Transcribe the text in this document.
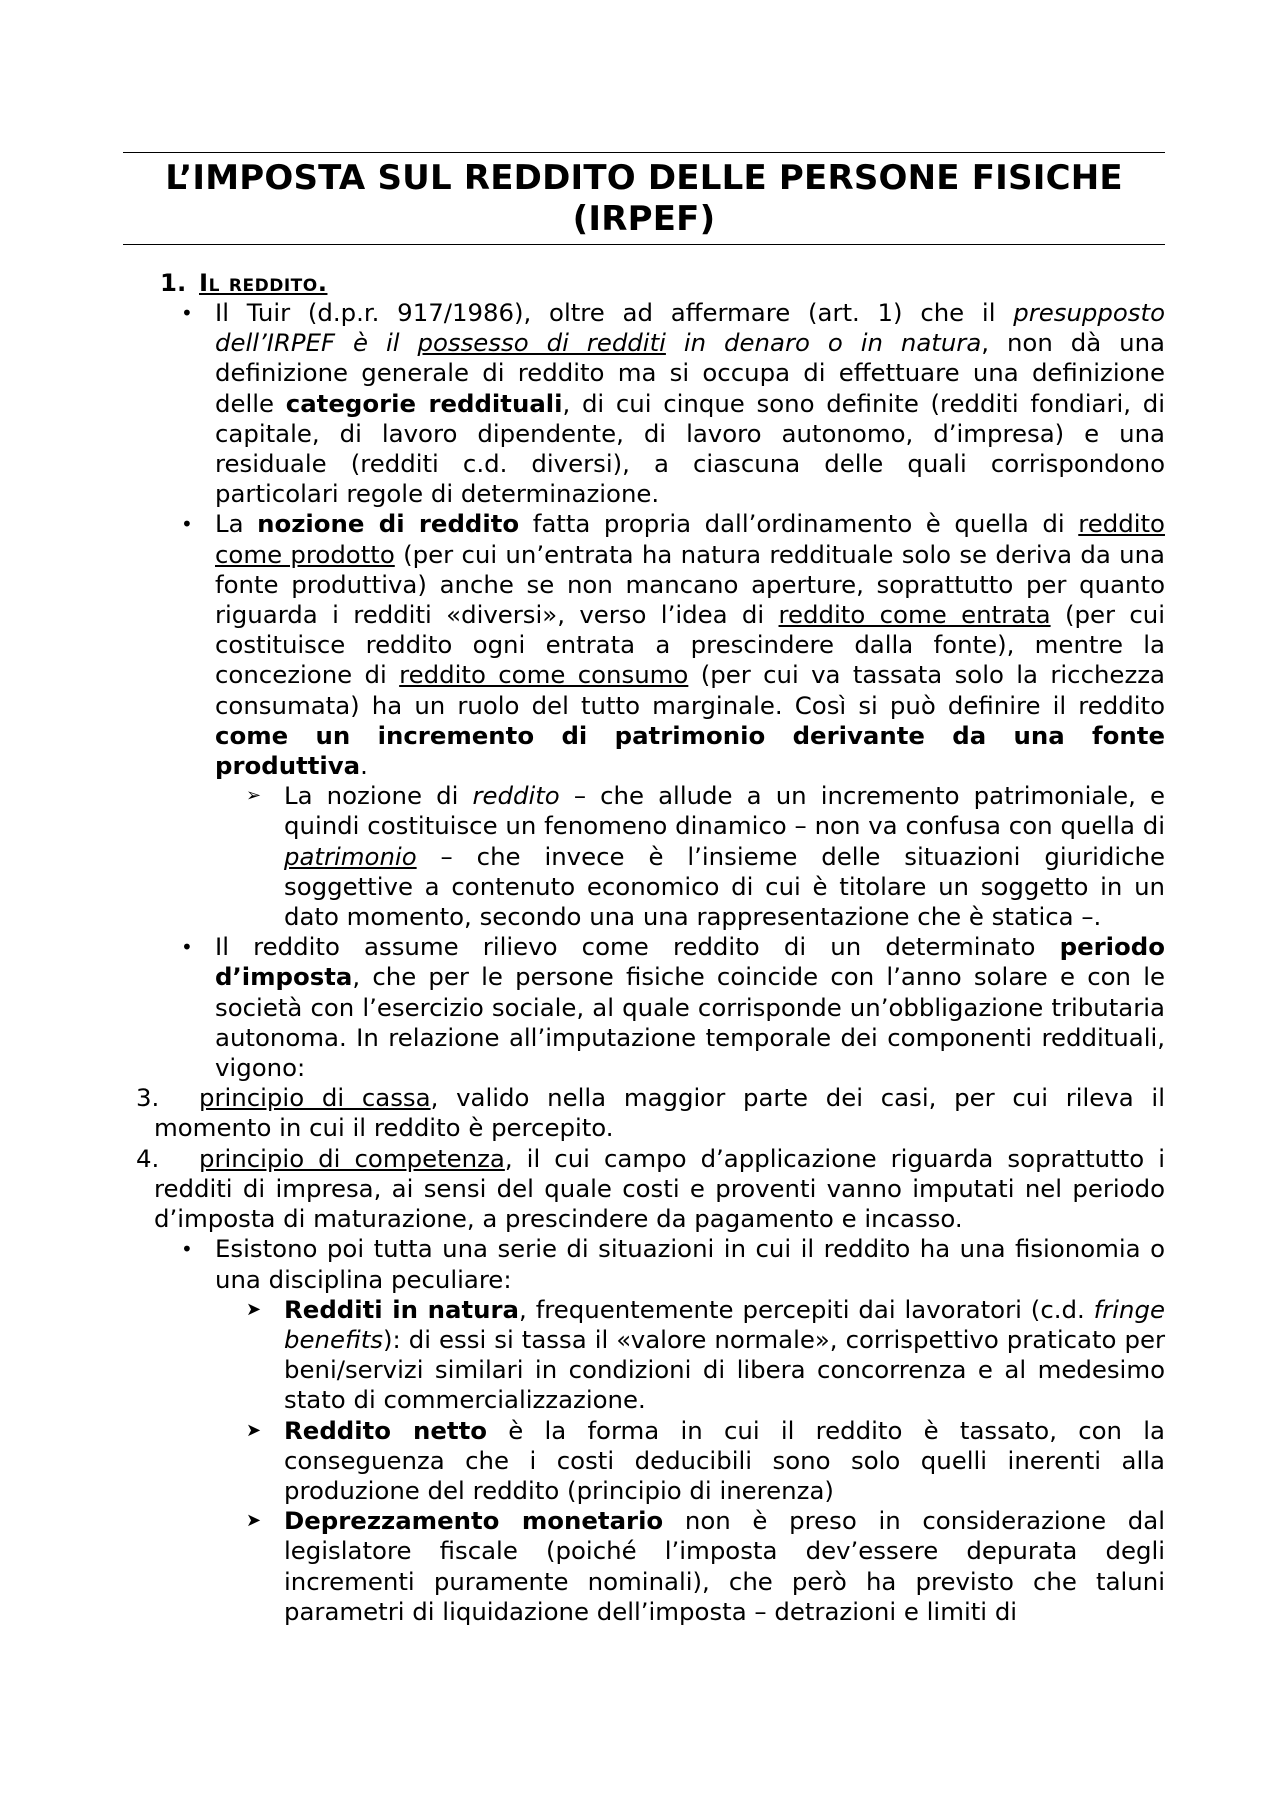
L’IMPOSTA SUL REDDITO DELLE PERSONE FISICHE
(IRPEF)
1. Il reddito.
• Il Tuir (d.p.r. 917/1986), oltre ad affermare (art. 1) che il presupposto dell’IRPEF è il possesso di redditi in denaro o in natura, non dà una definizione generale di reddito ma si occupa di effettuare una definizione delle categorie reddituali, di cui cinque sono definite (redditi fondiari, di capitale, di lavoro dipendente, di lavoro autonomo, d’impresa) e una residuale (redditi c.d. diversi), a ciascuna delle quali corrispondono particolari regole di determinazione.
• La nozione di reddito fatta propria dall’ordinamento è quella di reddito come prodotto (per cui un’entrata ha natura reddituale solo se deriva da una fonte produttiva) anche se non mancano aperture, soprattutto per quanto riguarda i redditi «diversi», verso l’idea di reddito come entrata (per cui costituisce reddito ogni entrata a prescindere dalla fonte), mentre la concezione di reddito come consumo (per cui va tassata solo la ricchezza consumata) ha un ruolo del tutto marginale. Così si può definire il reddito come un incremento di patrimonio derivante da una fonte produttiva.
➢ La nozione di reddito – che allude a un incremento patrimoniale, e quindi costituisce un fenomeno dinamico – non va confusa con quella di patrimonio – che invece è l’insieme delle situazioni giuridiche soggettive a contenuto economico di cui è titolare un soggetto in un dato momento, secondo una una rappresentazione che è statica –.
• Il reddito assume rilievo come reddito di un determinato periodo d’imposta, che per le persone fisiche coincide con l’anno solare e con le società con l’esercizio sociale, al quale corrisponde un’obbligazione tributaria autonoma. In relazione all’imputazione temporale dei componenti reddituali, vigono:
3. principio di cassa, valido nella maggior parte dei casi, per cui rileva il momento in cui il reddito è percepito.
4. principio di competenza, il cui campo d’applicazione riguarda soprattutto i redditi di impresa, ai sensi del quale costi e proventi vanno imputati nel periodo d’imposta di maturazione, a prescindere da pagamento e incasso.
• Esistono poi tutta una serie di situazioni in cui il reddito ha una fisionomia o una disciplina peculiare:
➤ Redditi in natura, frequentemente percepiti dai lavoratori (c.d. fringe benefits): di essi si tassa il «valore normale», corrispettivo praticato per beni/servizi similari in condizioni di libera concorrenza e al medesimo stato di commercializzazione.
➤ Reddito netto è la forma in cui il reddito è tassato, con la conseguenza che i costi deducibili sono solo quelli inerenti alla produzione del reddito (principio di inerenza)
➤ Deprezzamento monetario non è preso in considerazione dal legislatore fiscale (poiché l’imposta dev’essere depurata degli incrementi puramente nominali), che però ha previsto che taluni parametri di liquidazione dell’imposta – detrazioni e limiti di
